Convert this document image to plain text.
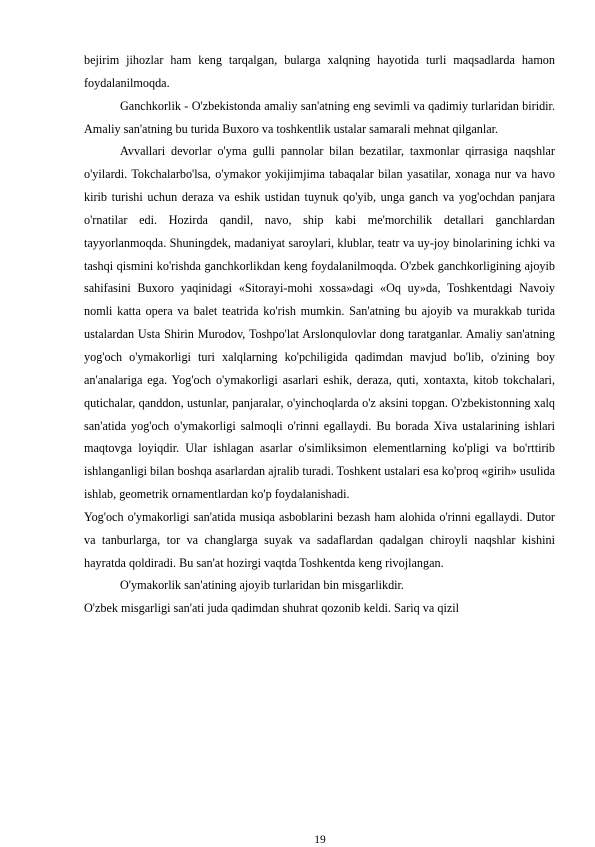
bejirim jihozlar ham keng tarqalgan, bularga xalqning hayotida turli maqsadlarda hamon foydalanilmoqda.

Ganchkorlik - O'zbekistonda amaliy san'atning eng sevimli va qadimiy turlaridan biridir. Amaliy san'atning bu turida Buxoro va toshkentlik ustalar samarali mehnat qilganlar.

Avvallari devorlar o'yma gulli pannolar bilan bezatilar, taxmonlar qirrasiga naqshlar o'yilardi. Tokchalarbo'lsa, o'ymakor yokijimjima tabaqalar bilan yasatilar, xonaga nur va havo kirib turishi uchun deraza va eshik ustidan tuynuk qo'yib, unga ganch va yog'ochdan panjara o'rnatilar edi. Hozirda qandil, navo, ship kabi me'morchilik detallari ganchlardan tayyorlanmoqda. Shuningdek, madaniyat saroylari, klublar, teatr va uy-joy binolarining ichki va tashqi qismini ko'rishda ganchkorlikdan keng foydalanilmoqda. O'zbek ganchkorligining ajoyib sahifasini Buxoro yaqinidagi «Sitorayi-mohi xossa»dagi «Oq uy»da, Toshkentdagi Navoiy nomli katta opera va balet teatrida ko'rish mumkin. San'atning bu ajoyib va murakkab turida ustalardan Usta Shirin Murodov, Toshpo'lat Arslonqulovlar dong taratganlar. Amaliy san'atning yog'och o'ymakorligi turi xalqlarning ko'pchiligida qadimdan mavjud bo'lib, o'zining boy an'analariga ega. Yog'och o'ymakorligi asarlari eshik, deraza, quti, xontaxta, kitob tokchalari, qutichalar, qanddon, ustunlar, panjaralar, o'yinchoqlarda o'z aksini topgan. O'zbekistonning xalq san'atida yog'och o'ymakorligi salmoqli o'rinni egallaydi. Bu borada Xiva ustalarining ishlari maqtovga loyiqdir. Ular ishlagan asarlar o'simliksimon elementlarning ko'pligi va bo'rttirib ishlanganligi bilan boshqa asarlardan ajralib turadi. Toshkent ustalari esa ko'proq «girih» usulida ishlab, geometrik ornamentlardan ko'p foydalanishadi.

Yog'och o'ymakorligi san'atida musiqa asboblarini bezash ham alohida o'rinni egallaydi. Dutor va tanburlarga, tor va changlarga suyak va sadaflardan qadalgan chiroyli naqshlar kishini hayratda qoldiradi. Bu san'at hozirgi vaqtda Toshkentda keng rivojlangan.

O'ymakorlik san'atining ajoyib turlaridan bin misgarlikdir.

O'zbek misgarligi san'ati juda qadimdan shuhrat qozonib keldi. Sariq va qizil

19
